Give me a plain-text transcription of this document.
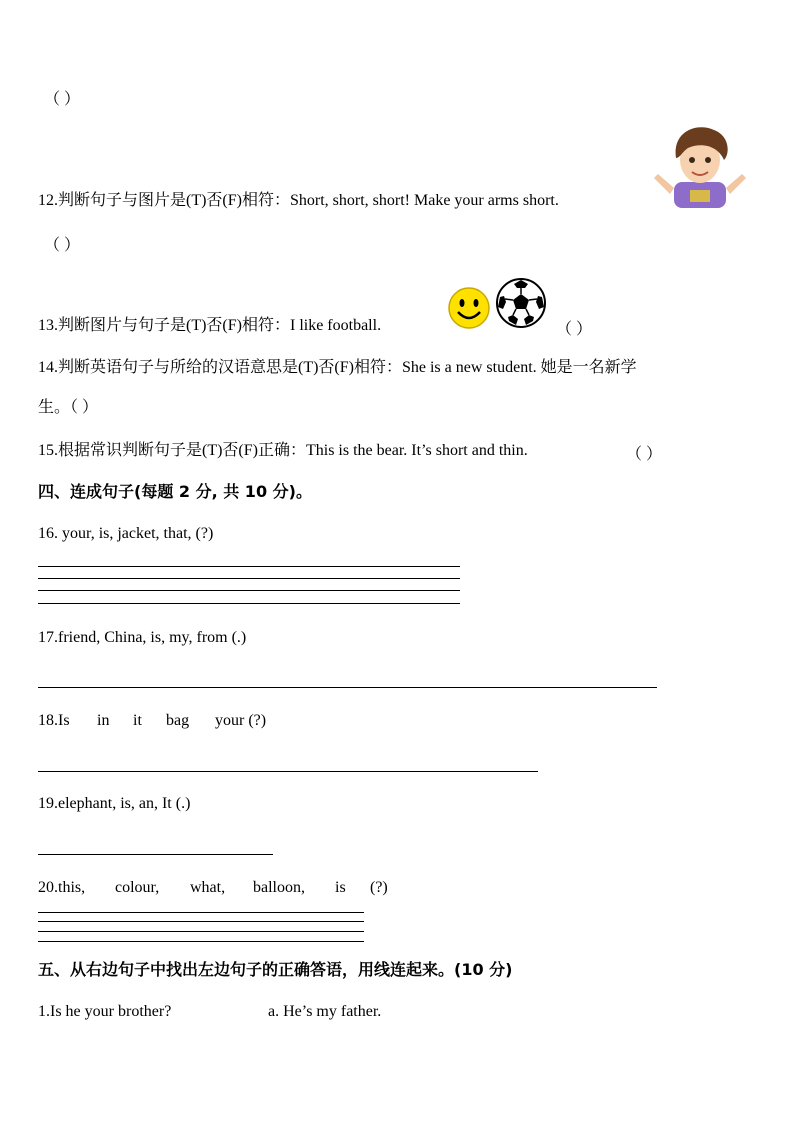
（ ）
12.判断句子与图片是(T)否(F)相符：Short, short, short! Make your arms short.
（ ）
13.判断图片与句子是(T)否(F)相符：I like football.	（ ）
14.判断英语句子与所给的汉语意思是(T)否(F)相符：She is a new student. 她是一名新学
生。（ ）
15.根据常识判断句子是(T)否(F)正确：This is the bear. It’s short and thin.	（ ）
四、连成句子(每题 2 分, 共 10 分)。
16. your, is, jacket, that, (?)
17.friend, China, is, my, from (.)
18.Is in it bag your (?)
19.elephant, is, an, It (.)
20.this, colour, what, balloon, is (?)
五、从右边句子中找出左边句子的正确答语，用线连起来。(10 分)
1.Is he your brother?	a. He’s my father.
